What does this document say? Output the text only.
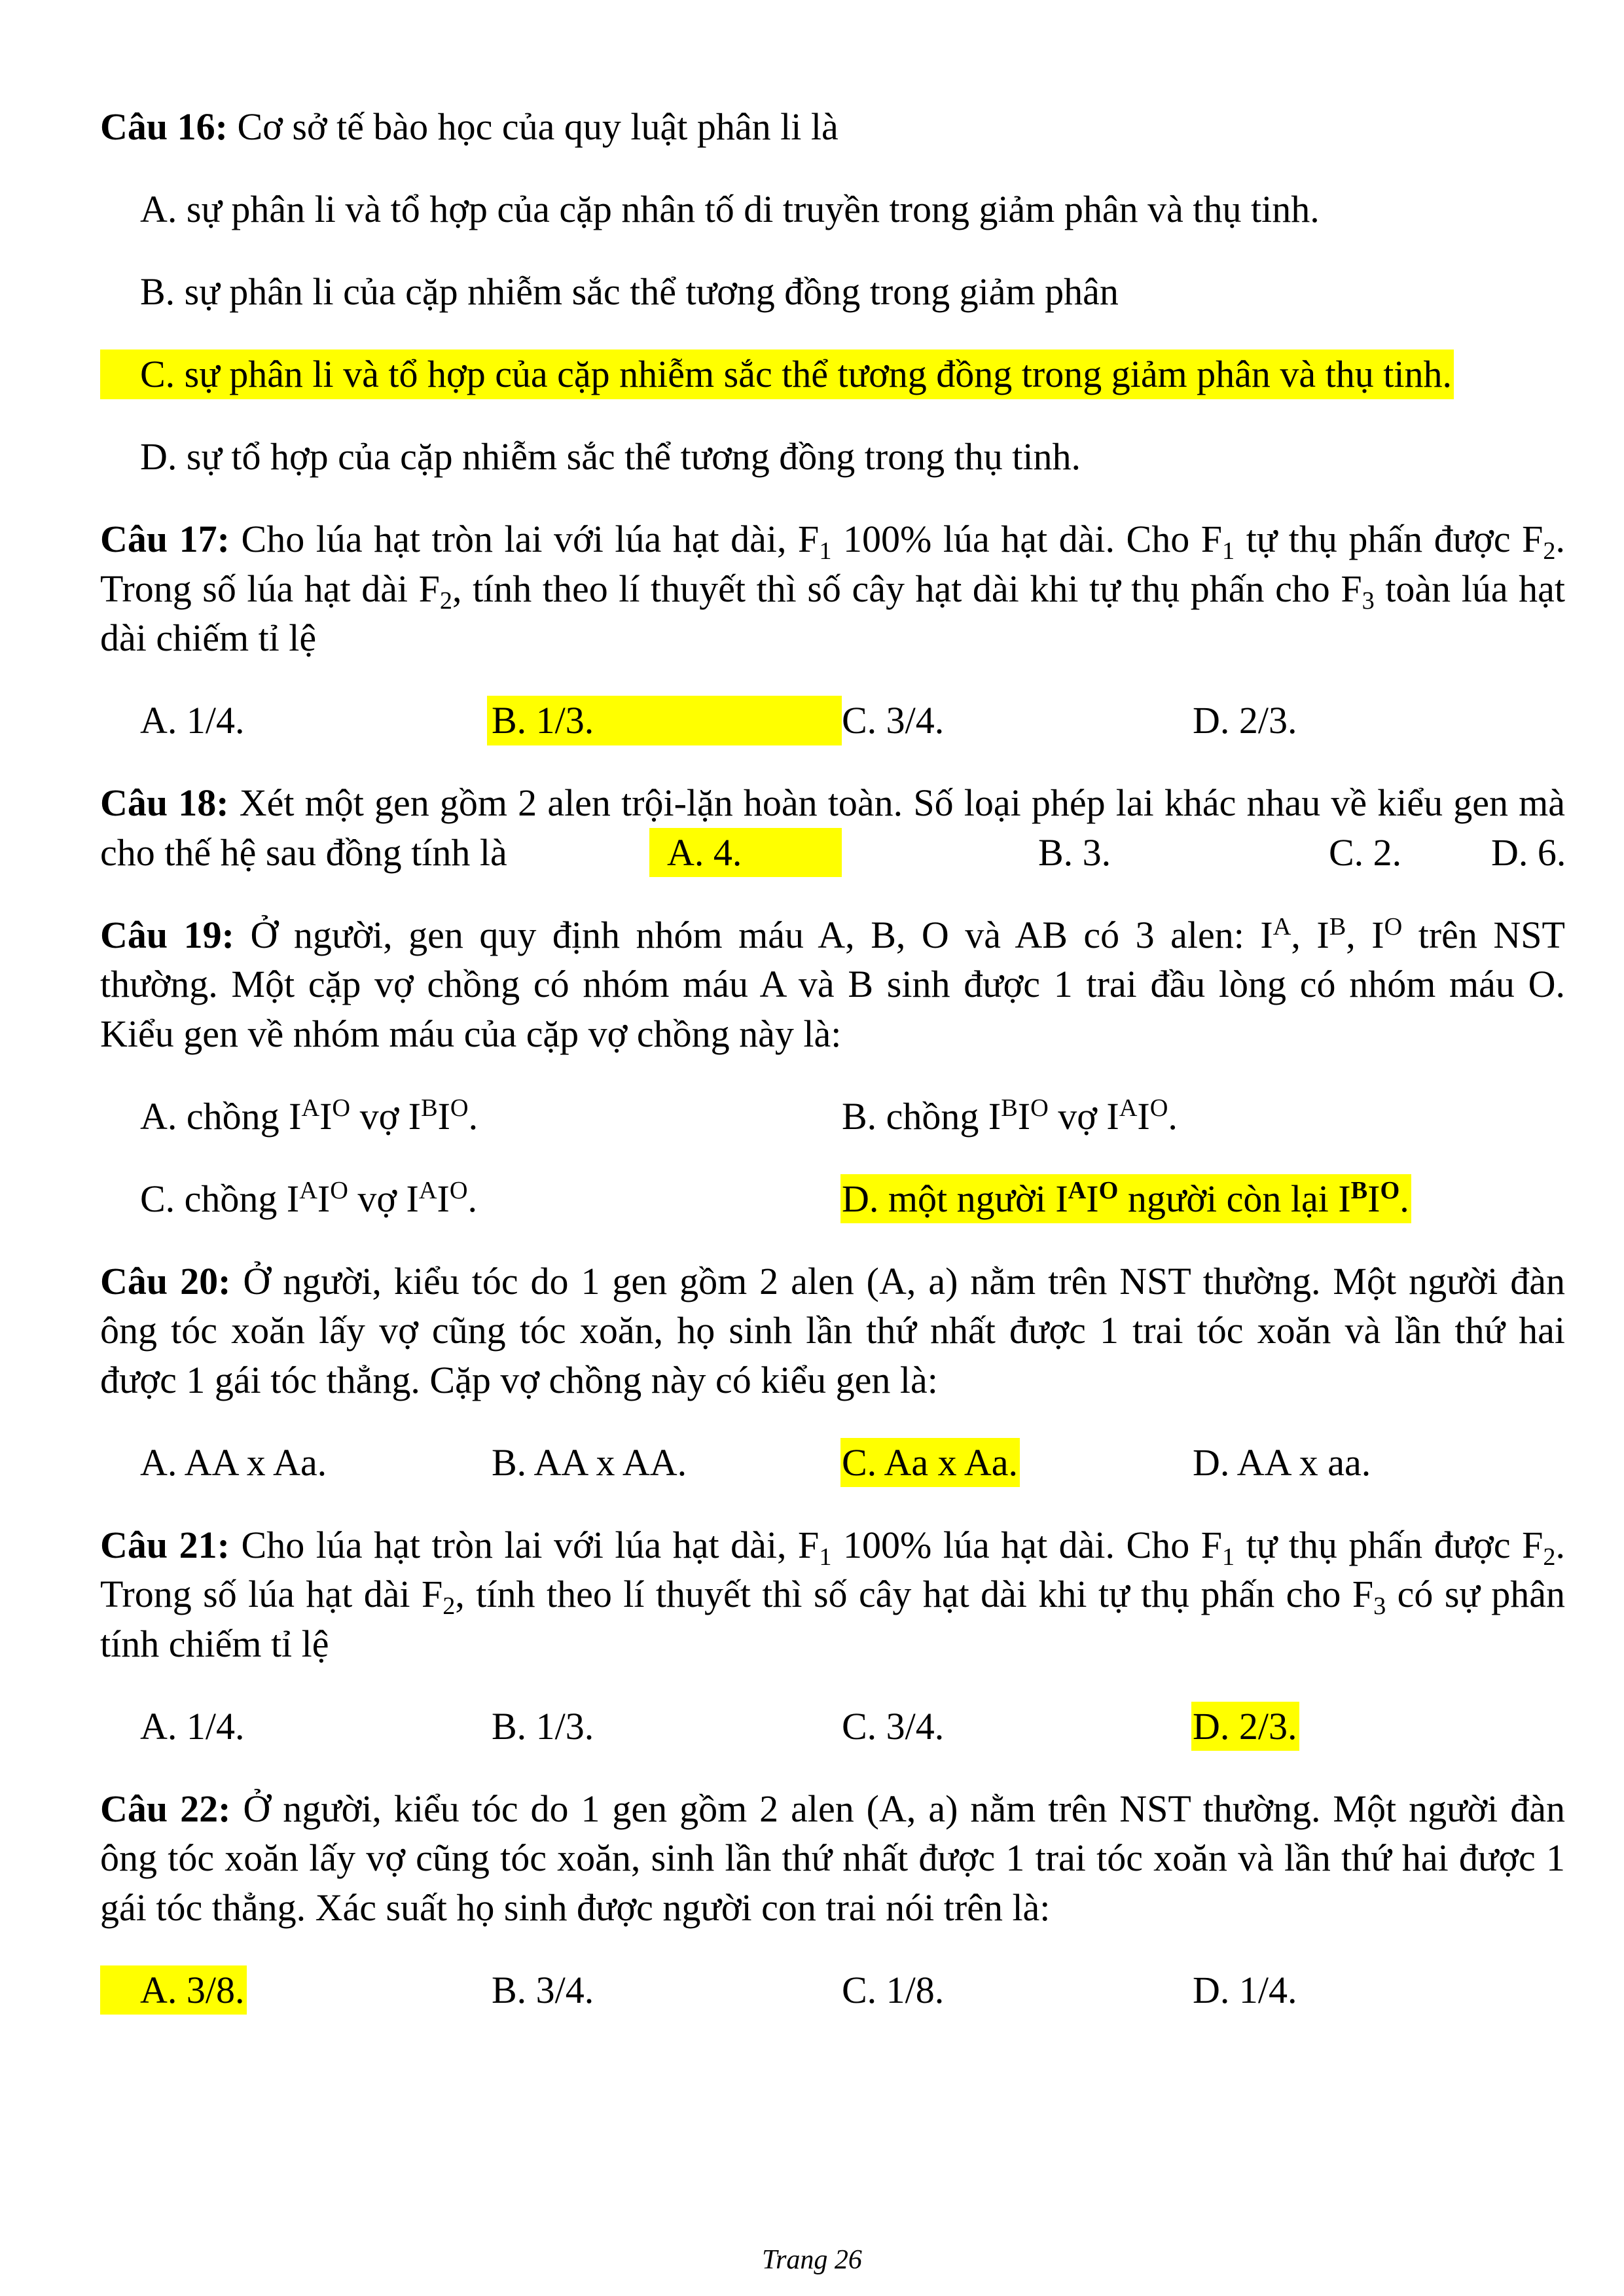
Câu 16: Cơ sở tế bào học của quy luật phân li là
A. sự phân li và tổ hợp của cặp nhân tố di truyền trong giảm phân và thụ tinh.
B. sự phân li của cặp nhiễm sắc thể tương đồng trong giảm phân
C. sự phân li và tổ hợp của cặp nhiễm sắc thể tương đồng trong giảm phân và thụ tinh.
D. sự tổ hợp của cặp nhiễm sắc thể tương đồng trong thụ tinh.
Câu 17: Cho lúa hạt tròn lai với lúa hạt dài, $F_1$ 100% lúa hạt dài. Cho $F_1$ tự thụ phấn được $F_2$.
Trong số lúa hạt dài $F_2$, tính theo lí thuyết thì số cây hạt dài khi tự thụ phấn cho $F_3$ toàn lúa hạt
dài chiếm tỉ lệ
A. 1/4.	B. 1/3.	C. 3/4.	D. 2/3.
Câu 18: Xét một gen gồm 2 alen trội-lặn hoàn toàn. Số loại phép lai khác nhau về kiểu gen mà
cho thế hệ sau đồng tính là	A. 4.	B. 3.	C. 2. D. 6.
Câu 19: Ở người, gen quy định nhóm máu A, B, O và AB có 3 alen: $I^A$, $I^B$, $I^O$ trên NST
thường. Một cặp vợ chồng có nhóm máu A và B sinh được 1 trai đầu lòng có nhóm máu O.
Kiểu gen về nhóm máu của cặp vợ chồng này là:
A. chồng $I^AI^O$ vợ $I^BI^O$.	B. chồng $I^BI^O$ vợ $I^AI^O$.
C. chồng $I^AI^O$ vợ $I^AI^O$.	D. một người $I^AI^O$ người còn lại $I^BI^O$.
Câu 20: Ở người, kiểu tóc do 1 gen gồm 2 alen (A, a) nằm trên NST thường. Một người đàn
ông tóc xoăn lấy vợ cũng tóc xoăn, họ sinh lần thứ nhất được 1 trai tóc xoăn và lần thứ hai
được 1 gái tóc thẳng. Cặp vợ chồng này có kiểu gen là:
A. AA x Aa.	B. AA x AA.	C. Aa x Aa.	D. AA x aa.
Câu 21: Cho lúa hạt tròn lai với lúa hạt dài, $F_1$ 100% lúa hạt dài. Cho $F_1$ tự thụ phấn được $F_2$.
Trong số lúa hạt dài $F_2$, tính theo lí thuyết thì số cây hạt dài khi tự thụ phấn cho $F_3$ có sự phân
tính chiếm tỉ lệ
A. 1/4.	B. 1/3.	C. 3/4.	D. 2/3.
Câu 22: Ở người, kiểu tóc do 1 gen gồm 2 alen (A, a) nằm trên NST thường. Một người đàn
ông tóc xoăn lấy vợ cũng tóc xoăn, sinh lần thứ nhất được 1 trai tóc xoăn và lần thứ hai được 1
gái tóc thẳng. Xác suất họ sinh được người con trai nói trên là:
A. 3/8.	B. 3/4.	C. 1/8.	D. 1/4.
Trang 26
